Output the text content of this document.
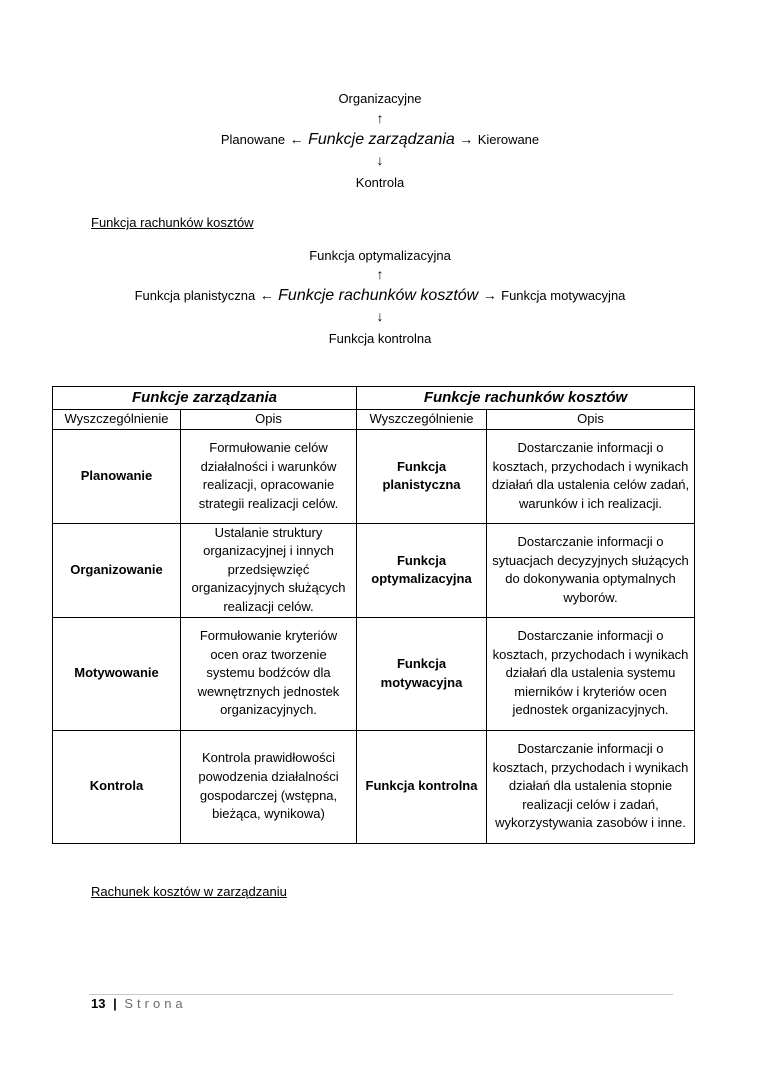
Organizacyjne
↑
Planowane ← Funkcje zarządzania → Kierowane
↓
Kontrola
Funkcja rachunków kosztów
Funkcja optymalizacyjna
↑
Funkcja planistyczna ← Funkcje rachunków kosztów → Funkcja motywacyjna
↓
Funkcja kontrolna
Funkcje zarządzania		Funkcje rachunków kosztów	
Wyszczególnienie	Opis	Wyszczególnienie	Opis
Planowanie	Formułowanie celów działalności i warunków realizacji, opracowanie strategii realizacji celów.	Funkcja planistyczna	Dostarczanie informacji o kosztach, przychodach i wynikach działań dla ustalenia celów zadań, warunków i ich realizacji.
Organizowanie	Ustalanie struktury organizacyjnej i innych przedsięwzięć organizacyjnych służących realizacji celów.	Funkcja optymalizacyjna	Dostarczanie informacji o sytuacjach decyzyjnych służących do dokonywania optymalnych wyborów.
Motywowanie	Formułowanie kryteriów ocen oraz tworzenie systemu bodźców dla wewnętrznych jednostek organizacyjnych.	Funkcja motywacyjna	Dostarczanie informacji o kosztach, przychodach i wynikach działań dla ustalenia systemu mierników i kryteriów ocen jednostek organizacyjnych.
Kontrola	Kontrola prawidłowości powodzenia działalności gospodarczej (wstępna, bieżąca, wynikowa)	Funkcja kontrolna	Dostarczanie informacji o kosztach, przychodach i wynikach działań dla ustalenia stopnie realizacji celów i zadań, wykorzystywania zasobów i inne.
Rachunek kosztów w zarządzaniu
13 | Strona
